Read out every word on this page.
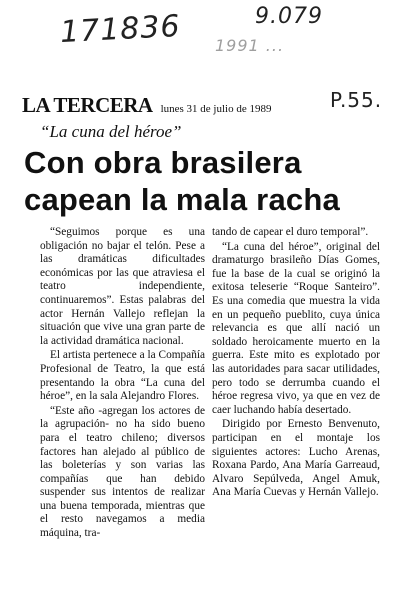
171836	9.079
1991 ...
P.55.
LA TERCERA lunes 31 de julio de 1989
“La cuna del héroe”
Con obra brasilera
capean la mala racha

“Seguimos porque es una obligación no bajar el telón. Pese a las dramáticas dificultades económicas por las que atraviesa el teatro independiente, continuaremos”. Estas palabras del actor Hernán Vallejo reflejan la situación que vive una gran parte de la actividad dramática nacional.

El artista pertenece a la Compañía Profesional de Teatro, la que está presentando la obra “La cuna del héroe”, en la sala Alejandro Flores.

“Este año -agregan los actores de la agrupación- no ha sido bueno para el teatro chileno; diversos factores han alejado al público de las boleterías y son varias las compañías que han debido suspender sus intentos de realizar una buena temporada, mientras que el resto navegamos a media máquina, tra-

tando de capear el duro temporal”.

“La cuna del héroe”, original del dramaturgo brasileño Días Gomes, fue la base de la cual se originó la exitosa teleserie “Roque Santeiro”. Es una comedia que muestra la vida en un pequeño pueblito, cuya única relevancia es que allí nació un soldado heroicamente muerto en la guerra. Este mito es explotado por las autoridades para sacar utilidades, pero todo se derrumba cuando el héroe regresa vivo, ya que en vez de caer luchando había desertado.

Dirigido por Ernesto Benvenuto, participan en el montaje los siguientes actores: Lucho Arenas, Roxana Pardo, Ana María Garreaud, Alvaro Sepúlveda, Angel Amuk, Ana María Cuevas y Hernán Vallejo.
